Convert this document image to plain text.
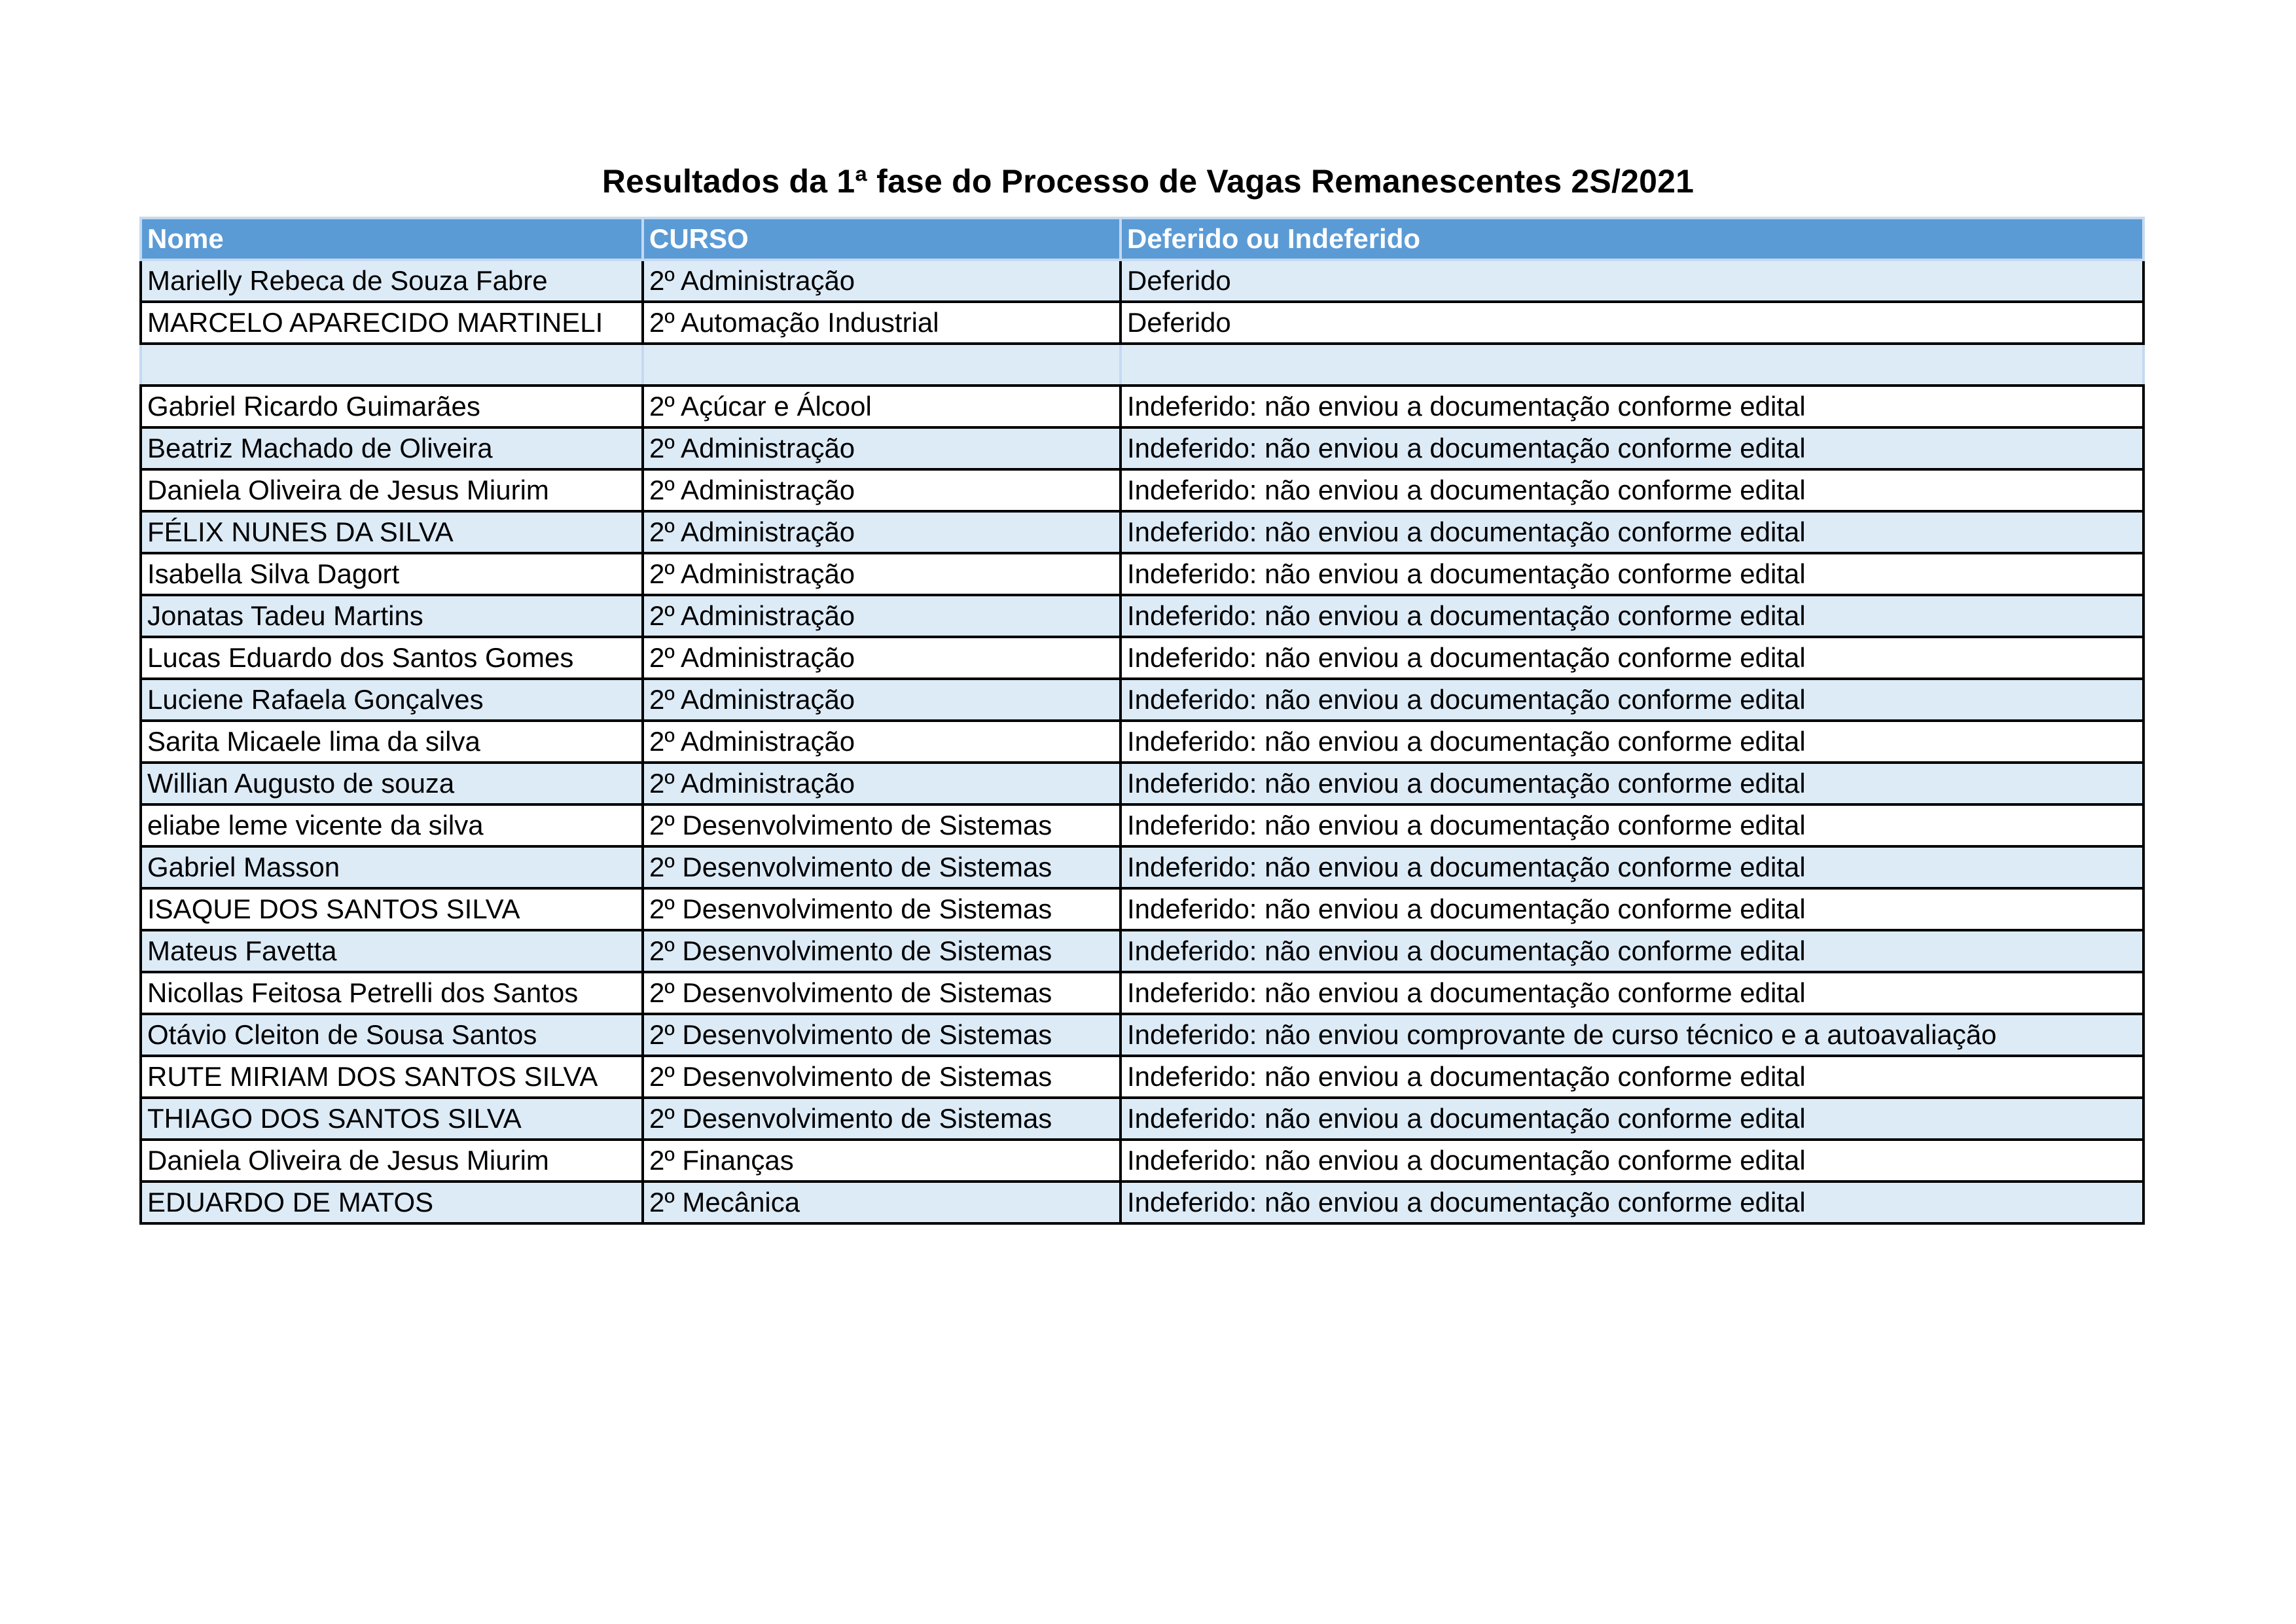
Resultados da 1ª fase do Processo de Vagas Remanescentes 2S/2021
Nome	CURSO	Deferido ou Indeferido
Marielly Rebeca de Souza Fabre	2º Administração	Deferido
MARCELO APARECIDO MARTINELI	2º Automação Industrial	Deferido

Gabriel Ricardo Guimarães	2º Açúcar e Álcool	Indeferido: não enviou a documentação conforme edital
Beatriz Machado de Oliveira	2º Administração	Indeferido: não enviou a documentação conforme edital
Daniela Oliveira de Jesus Miurim	2º Administração	Indeferido: não enviou a documentação conforme edital
FÉLIX NUNES DA SILVA	2º Administração	Indeferido: não enviou a documentação conforme edital
Isabella Silva Dagort	2º Administração	Indeferido: não enviou a documentação conforme edital
Jonatas Tadeu Martins	2º Administração	Indeferido: não enviou a documentação conforme edital
Lucas Eduardo dos Santos Gomes	2º Administração	Indeferido: não enviou a documentação conforme edital
Luciene Rafaela Gonçalves	2º Administração	Indeferido: não enviou a documentação conforme edital
Sarita Micaele lima da silva	2º Administração	Indeferido: não enviou a documentação conforme edital
Willian Augusto de souza	2º Administração	Indeferido: não enviou a documentação conforme edital
eliabe leme vicente da silva	2º Desenvolvimento de Sistemas	Indeferido: não enviou a documentação conforme edital
Gabriel Masson	2º Desenvolvimento de Sistemas	Indeferido: não enviou a documentação conforme edital
ISAQUE DOS SANTOS SILVA	2º Desenvolvimento de Sistemas	Indeferido: não enviou a documentação conforme edital
Mateus Favetta	2º Desenvolvimento de Sistemas	Indeferido: não enviou a documentação conforme edital
Nicollas Feitosa Petrelli dos Santos	2º Desenvolvimento de Sistemas	Indeferido: não enviou a documentação conforme edital
Otávio Cleiton de Sousa Santos	2º Desenvolvimento de Sistemas	Indeferido: não enviou comprovante de curso técnico e a autoavaliação
RUTE MIRIAM DOS SANTOS SILVA	2º Desenvolvimento de Sistemas	Indeferido: não enviou a documentação conforme edital
THIAGO DOS SANTOS SILVA	2º Desenvolvimento de Sistemas	Indeferido: não enviou a documentação conforme edital
Daniela Oliveira de Jesus Miurim	2º Finanças	Indeferido: não enviou a documentação conforme edital
EDUARDO DE MATOS	2º Mecânica	Indeferido: não enviou a documentação conforme edital
